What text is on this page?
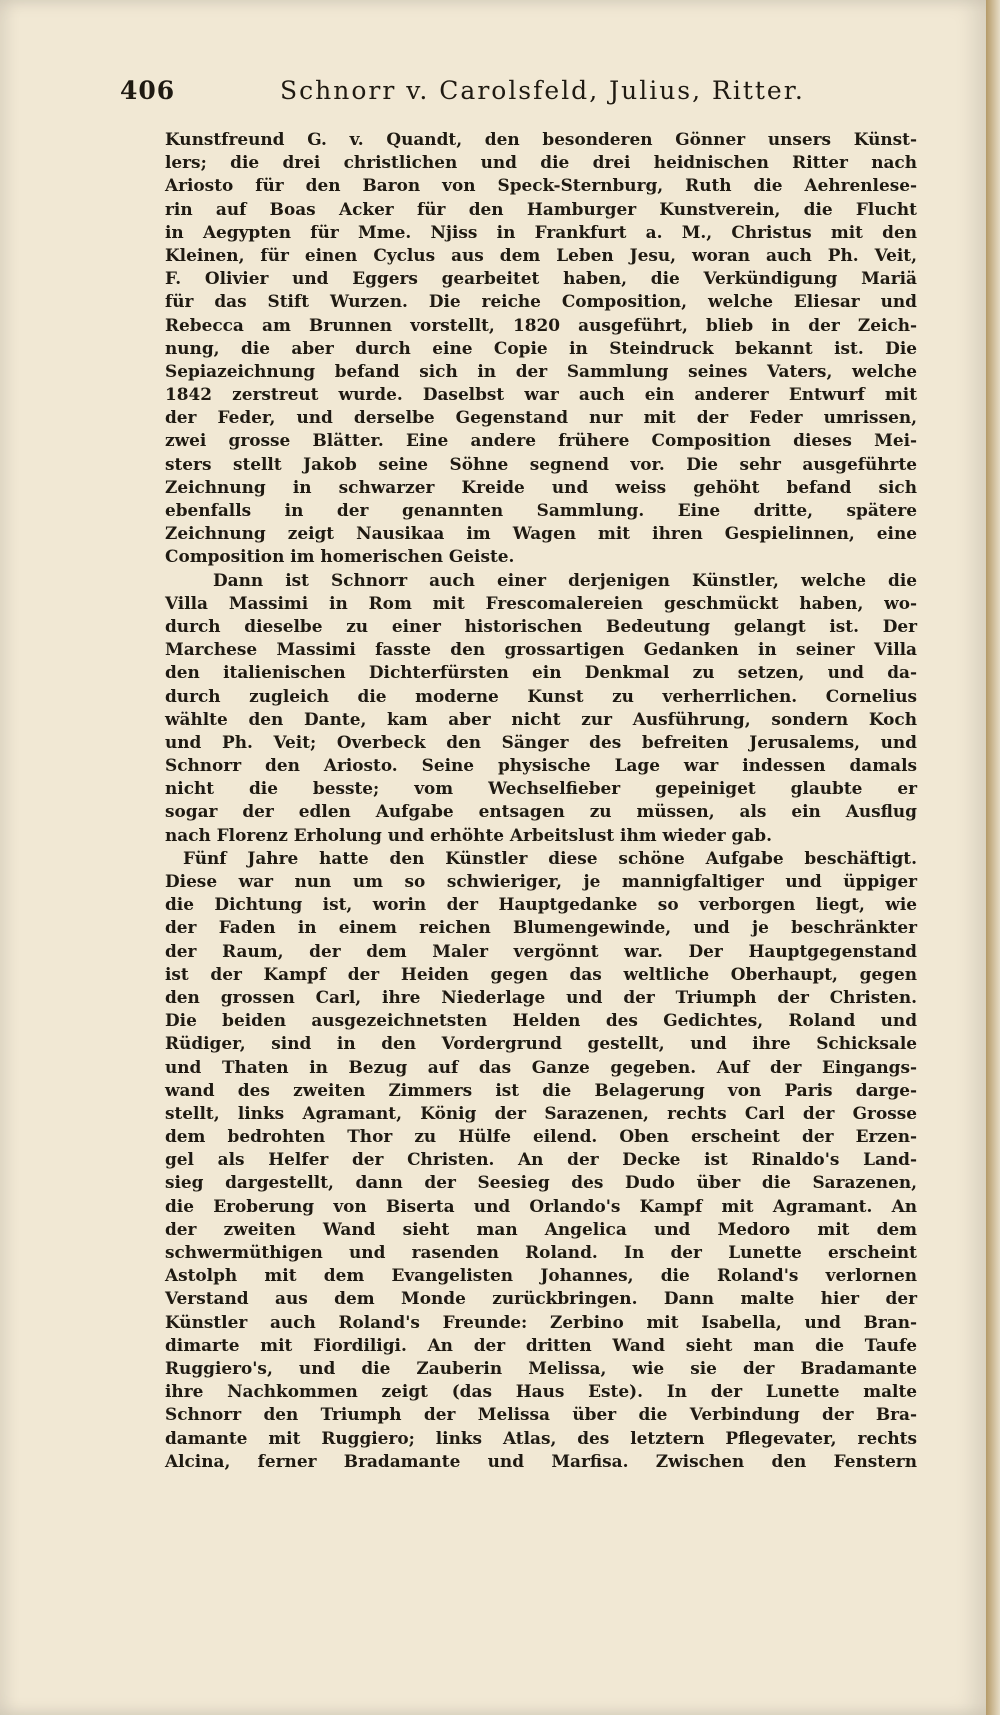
406	Schnorr v. Carolsfeld, Julius, Ritter.
Kunstfreund G. v. Quandt, den besonderen Gönner unsers Künst-
lers; die drei christlichen und die drei heidnischen Ritter nach
Ariosto für den Baron von Speck-Sternburg, Ruth die Aehrenlese-
rin auf Boas Acker für den Hamburger Kunstverein, die Flucht
in Aegypten für Mme. Njiss in Frankfurt a. M., Christus mit den
Kleinen, für einen Cyclus aus dem Leben Jesu, woran auch Ph. Veit,
F. Olivier und Eggers gearbeitet haben, die Verkündigung Mariä
für das Stift Wurzen. Die reiche Composition, welche Eliesar und
Rebecca am Brunnen vorstellt, 1820 ausgeführt, blieb in der Zeich-
nung, die aber durch eine Copie in Steindruck bekannt ist. Die
Sepiazeichnung befand sich in der Sammlung seines Vaters, welche
1842 zerstreut wurde. Daselbst war auch ein anderer Entwurf mit
der Feder, und derselbe Gegenstand nur mit der Feder umrissen,
zwei grosse Blätter. Eine andere frühere Composition dieses Mei-
sters stellt Jakob seine Söhne segnend vor. Die sehr ausgeführte
Zeichnung in schwarzer Kreide und weiss gehöht befand sich
ebenfalls in der genannten Sammlung. Eine dritte, spätere
Zeichnung zeigt Nausikaa im Wagen mit ihren Gespielinnen, eine
Composition im homerischen Geiste.
Dann ist Schnorr auch einer derjenigen Künstler, welche die
Villa Massimi in Rom mit Frescomalereien geschmückt haben, wo-
durch dieselbe zu einer historischen Bedeutung gelangt ist. Der
Marchese Massimi fasste den grossartigen Gedanken in seiner Villa
den italienischen Dichterfürsten ein Denkmal zu setzen, und da-
durch zugleich die moderne Kunst zu verherrlichen. Cornelius
wählte den Dante, kam aber nicht zur Ausführung, sondern Koch
und Ph. Veit; Overbeck den Sänger des befreiten Jerusalems, und
Schnorr den Ariosto. Seine physische Lage war indessen damals
nicht die besste; vom Wechselfieber gepeiniget glaubte er
sogar der edlen Aufgabe entsagen zu müssen, als ein Ausflug
nach Florenz Erholung und erhöhte Arbeitslust ihm wieder gab.
Fünf Jahre hatte den Künstler diese schöne Aufgabe beschäftigt.
Diese war nun um so schwieriger, je mannigfaltiger und üppiger
die Dichtung ist, worin der Hauptgedanke so verborgen liegt, wie
der Faden in einem reichen Blumengewinde, und je beschränkter
der Raum, der dem Maler vergönnt war. Der Hauptgegenstand
ist der Kampf der Heiden gegen das weltliche Oberhaupt, gegen
den grossen Carl, ihre Niederlage und der Triumph der Christen.
Die beiden ausgezeichnetsten Helden des Gedichtes, Roland und
Rüdiger, sind in den Vordergrund gestellt, und ihre Schicksale
und Thaten in Bezug auf das Ganze gegeben. Auf der Eingangs-
wand des zweiten Zimmers ist die Belagerung von Paris darge-
stellt, links Agramant, König der Sarazenen, rechts Carl der Grosse
dem bedrohten Thor zu Hülfe eilend. Oben erscheint der Erzen-
gel als Helfer der Christen. An der Decke ist Rinaldo's Land-
sieg dargestellt, dann der Seesieg des Dudo über die Sarazenen,
die Eroberung von Biserta und Orlando's Kampf mit Agramant. An
der zweiten Wand sieht man Angelica und Medoro mit dem
schwermüthigen und rasenden Roland. In der Lunette erscheint
Astolph mit dem Evangelisten Johannes, die Roland's verlornen
Verstand aus dem Monde zurückbringen. Dann malte hier der
Künstler auch Roland's Freunde: Zerbino mit Isabella, und Bran-
dimarte mit Fiordiligi. An der dritten Wand sieht man die Taufe
Ruggiero's, und die Zauberin Melissa, wie sie der Bradamante
ihre Nachkommen zeigt (das Haus Este). In der Lunette malte
Schnorr den Triumph der Melissa über die Verbindung der Bra-
damante mit Ruggiero; links Atlas, des letztern Pflegevater, rechts
Alcina, ferner Bradamante und Marfisa. Zwischen den Fenstern
